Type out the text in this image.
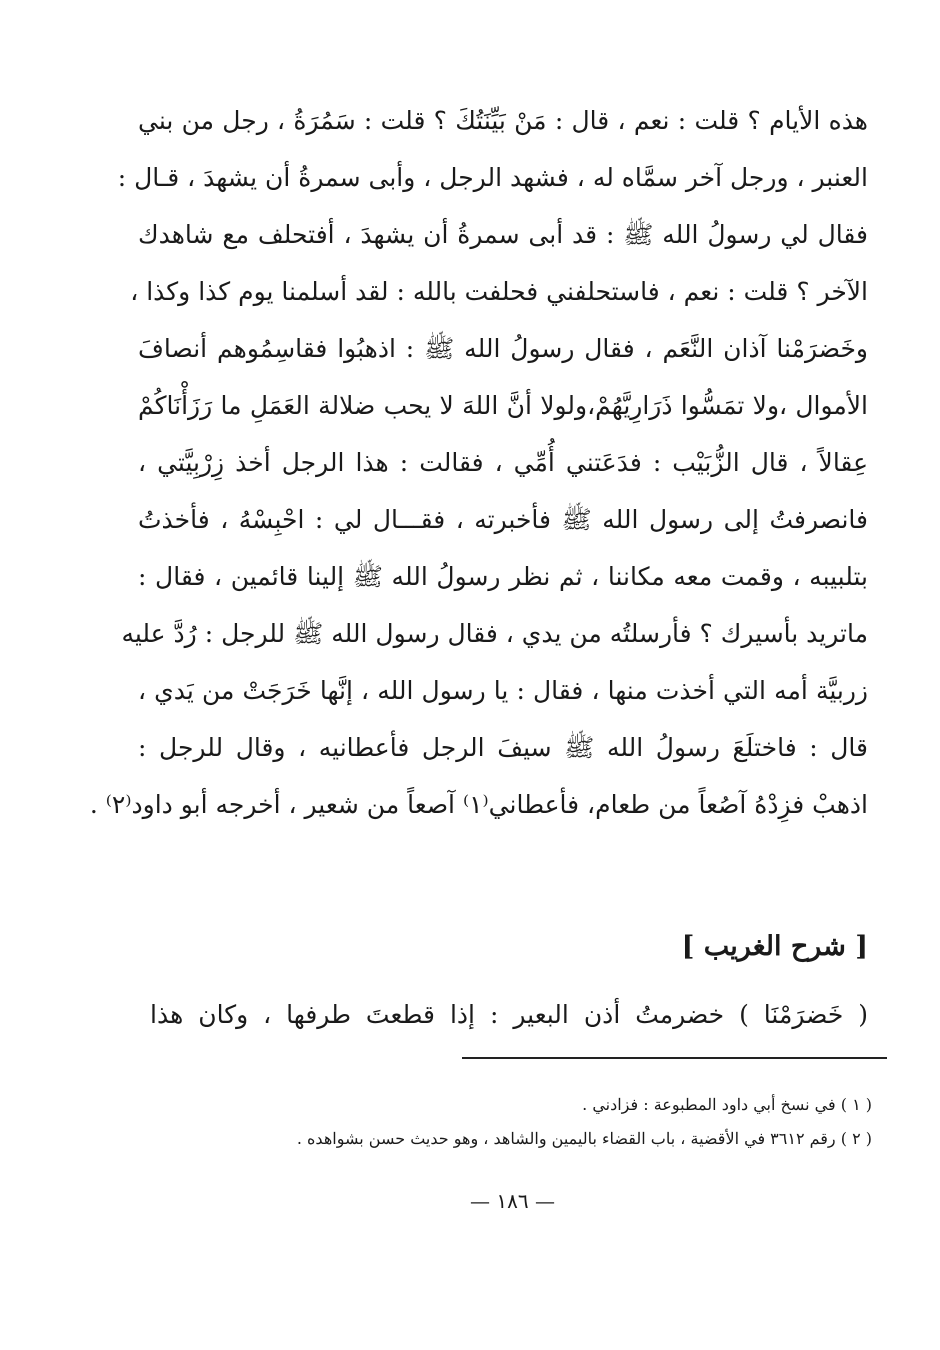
هذه الأيام ؟ قلت : نعم ، قال : مَنْ بَيِّنَتُكَ ؟ قلت : سَمُرَةُ ، رجل من بني
العنبر ، ورجل آخر سمَّاه له ، فشهد الرجل ، وأبى سمرةُ أن يشهدَ ، قـال :
فقال لي رسولُ الله ﷺ : قد أبى سمرةُ أن يشهدَ ، أفتحلف مع شاهدك
الآخر ؟ قلت : نعم ، فاستحلفني فحلفت بالله : لقد أسلمنا يوم كذا وكذا ،
وخَضرَمْنا آذان النَّعَم ، فقال رسولُ الله ﷺ : اذهبُوا فقاسِمُوهم أنصافَ
الأموال ،ولا تمَسُّوا ذَرَارِيَّهُمْ،ولولا أنَّ اللهَ لا يحب ضلالة العَمَلِ ما رَزَأْنَاكُمْ
عِقالاً ، قال الزُّبَيْب : فدَعَتني أُمِّي ، فقالت : هذا الرجل أخذ زِرْبِيَّتي ،
فانصرفتُ إلى رسول الله ﷺ فأخبرته ، فقـــال لي : احْبِسْهُ ، فأخذتُ
بتلبيبه ، وقمت معه مكاننا ، ثم نظر رسولُ الله ﷺ إلينا قائمين ، فقال :
ماتريد بأسيرك ؟ فأرسلتُه من يدي ، فقال رسول الله ﷺ للرجل : رُدَّ عليه
زربيَّة أمه التي أخذت منها ، فقال : يا رسول الله ، إنَّها خَرَجَتْ من يَدي ،
قال : فاختلَعَ رسولُ الله ﷺ سيفَ الرجل فأعطانيه ، وقال للرجل :
اذهبْ فزِدْهُ آصُعاً من طعام، فأعطاني⁽١⁾ آصعاً من شعير ، أخرجه أبو داود⁽٢⁾ .
[ شرح الغريب ]
( خَضرَمْنَا ) خضرمتُ أذن البعير : إذا قطعتَ طرفها ، وكان هذا
( ١ ) في نسخ أبي داود المطبوعة : فزادني .
( ٢ ) رقم ٣٦١٢ في الأقضية ، باب القضاء باليمين والشاهد ، وهو حديث حسن بشواهده .
— ١٨٦ —
